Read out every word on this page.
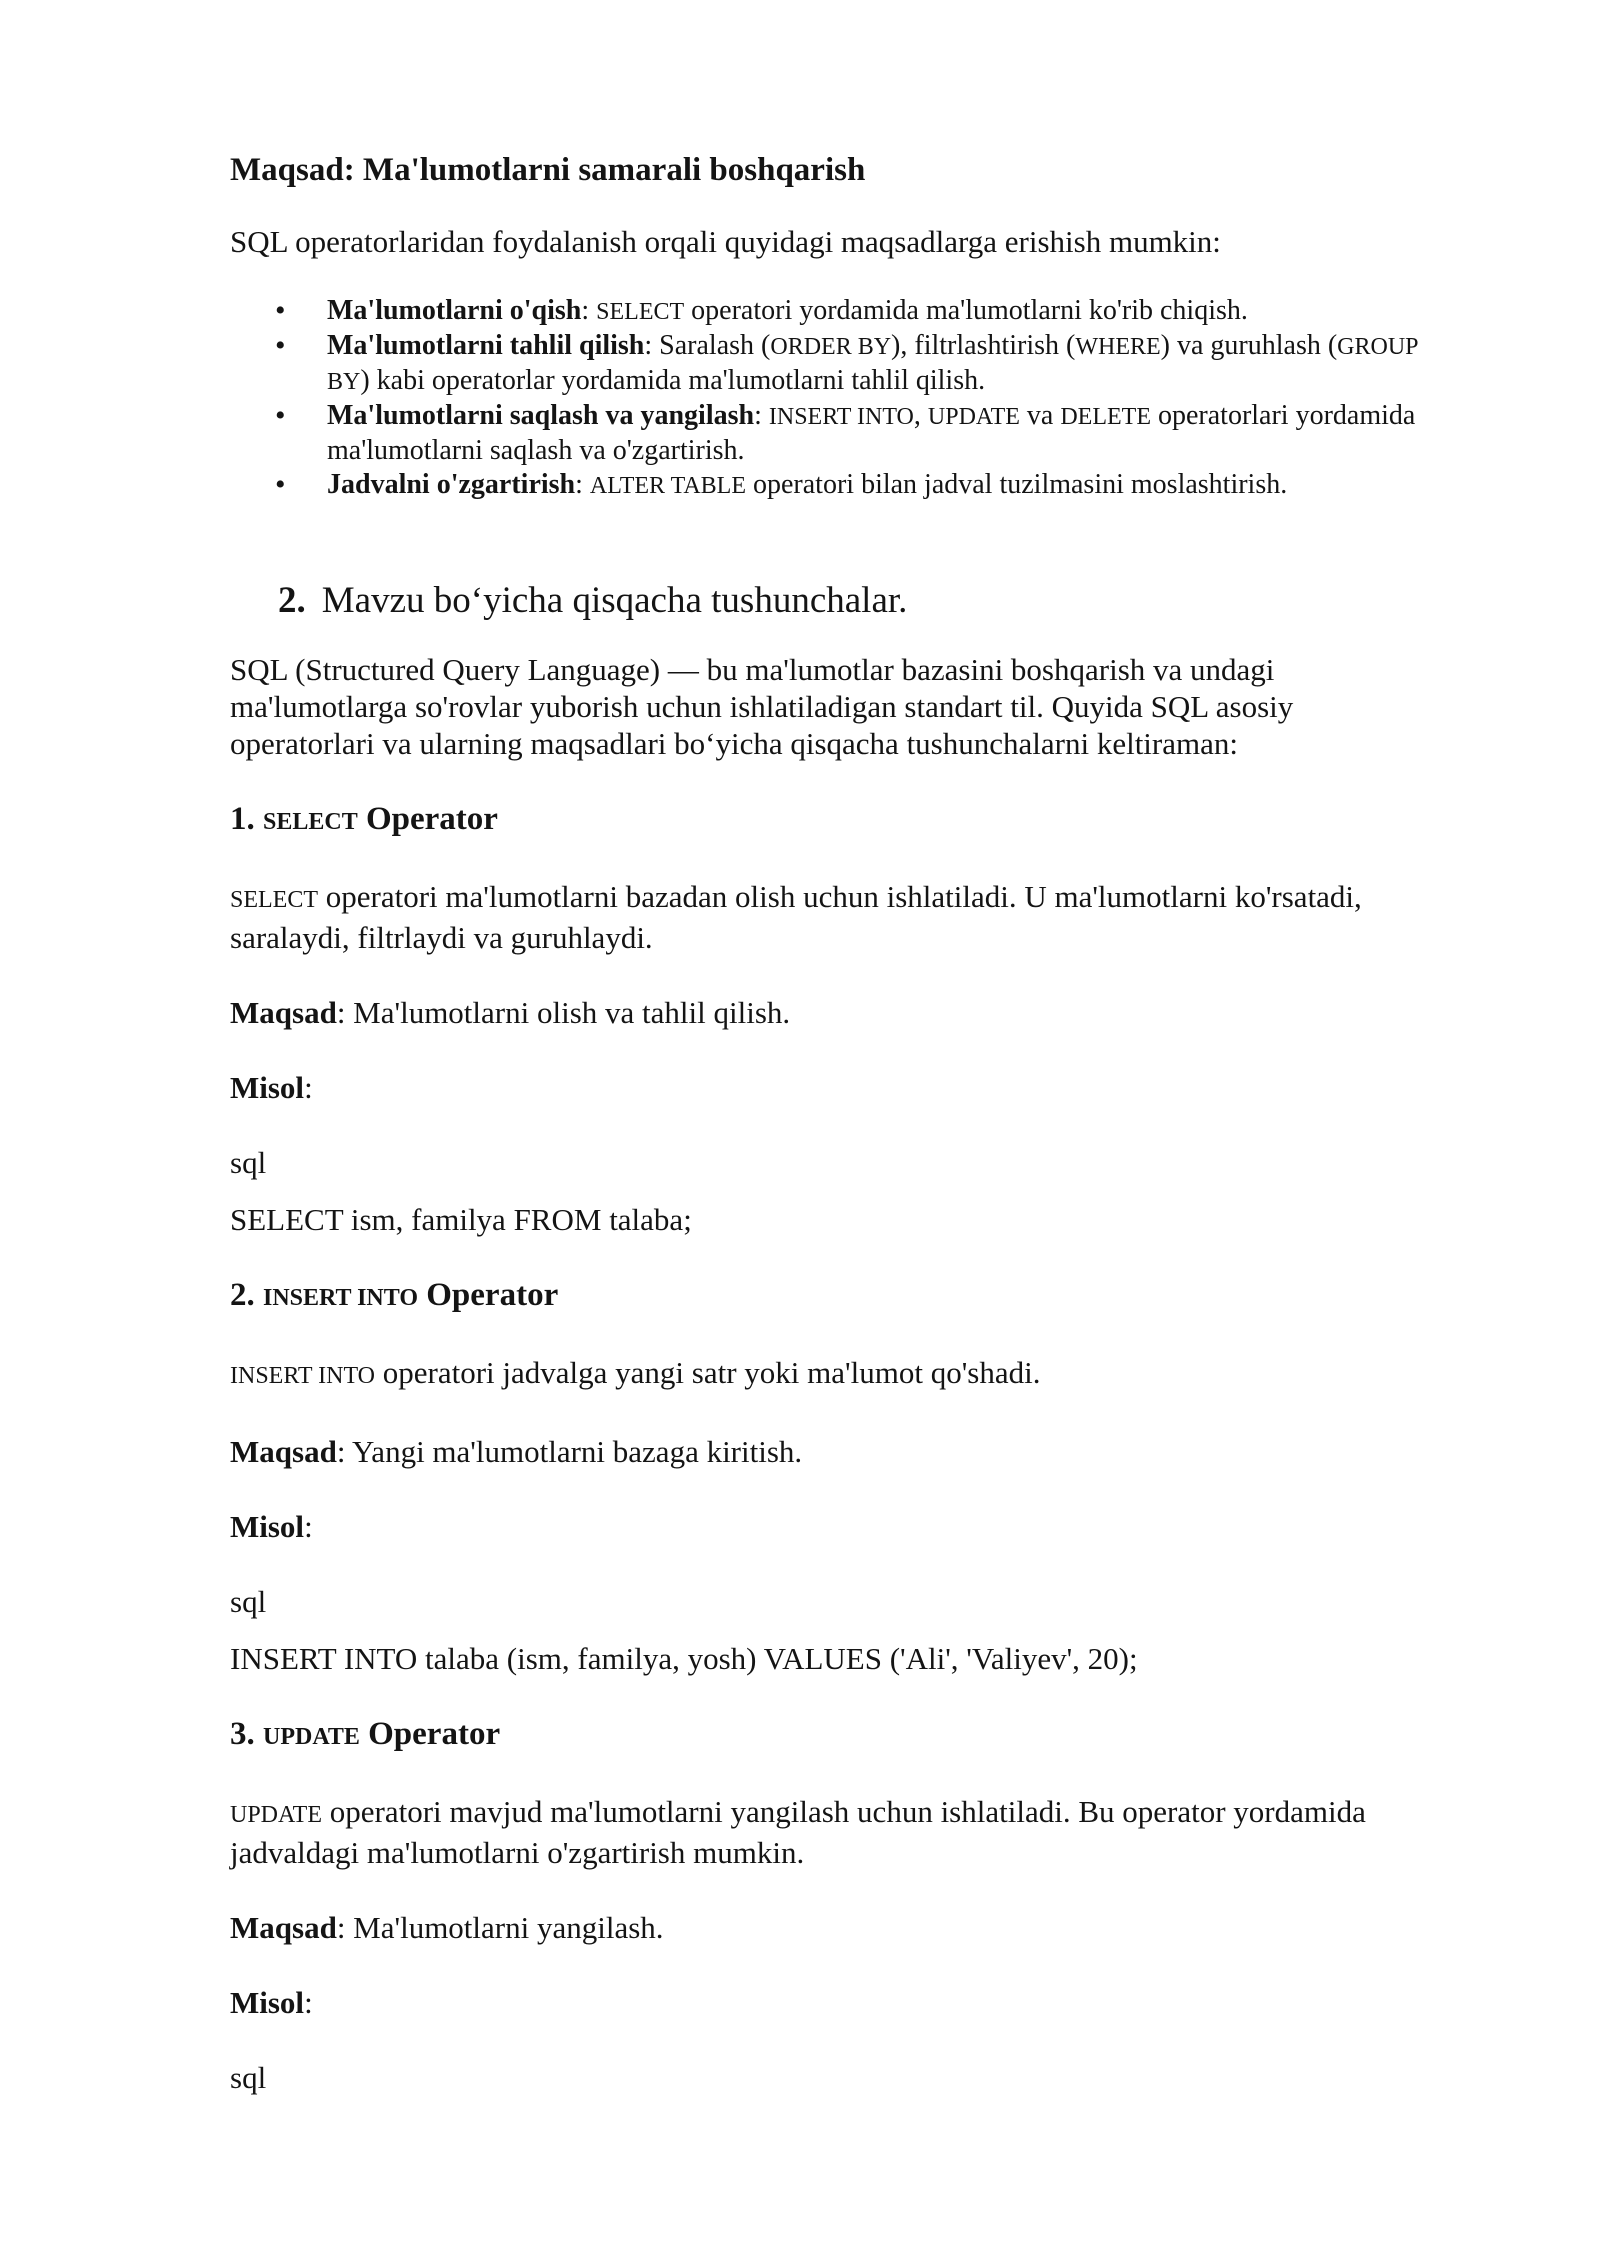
Maqsad: Ma'lumotlarni samarali boshqarish

SQL operatorlaridan foydalanish orqali quyidagi maqsadlarga erishish mumkin:

• Ma'lumotlarni o'qish: SELECT operatori yordamida ma'lumotlarni ko'rib chiqish.
• Ma'lumotlarni tahlil qilish: Saralash (ORDER BY), filtrlashtirish (WHERE) va guruhlash (GROUP BY) kabi operatorlar yordamida ma'lumotlarni tahlil qilish.
• Ma'lumotlarni saqlash va yangilash: INSERT INTO, UPDATE va DELETE operatorlari yordamida ma'lumotlarni saqlash va o'zgartirish.
• Jadvalni o'zgartirish: ALTER TABLE operatori bilan jadval tuzilmasini moslashtirish.
2. Mavzu bo‘yicha qisqacha tushunchalar.

SQL (Structured Query Language) — bu ma'lumotlar bazasini boshqarish va undagi ma'lumotlarga so'rovlar yuborish uchun ishlatiladigan standart til. Quyida SQL asosiy operatorlari va ularning maqsadlari bo‘yicha qisqacha tushunchalarni keltiraman:

1. SELECT Operator

SELECT operatori ma'lumotlarni bazadan olish uchun ishlatiladi. U ma'lumotlarni ko'rsatadi, saralaydi, filtrlaydi va guruhlaydi.

Maqsad: Ma'lumotlarni olish va tahlil qilish.

Misol:

sql

SELECT ism, familya FROM talaba;

2. INSERT INTO Operator

INSERT INTO operatori jadvalga yangi satr yoki ma'lumot qo'shadi.

Maqsad: Yangi ma'lumotlarni bazaga kiritish.

Misol:

sql

INSERT INTO talaba (ism, familya, yosh) VALUES ('Ali', 'Valiyev', 20);

3. UPDATE Operator

UPDATE operatori mavjud ma'lumotlarni yangilash uchun ishlatiladi. Bu operator yordamida jadvaldagi ma'lumotlarni o'zgartirish mumkin.

Maqsad: Ma'lumotlarni yangilash.

Misol:

sql
